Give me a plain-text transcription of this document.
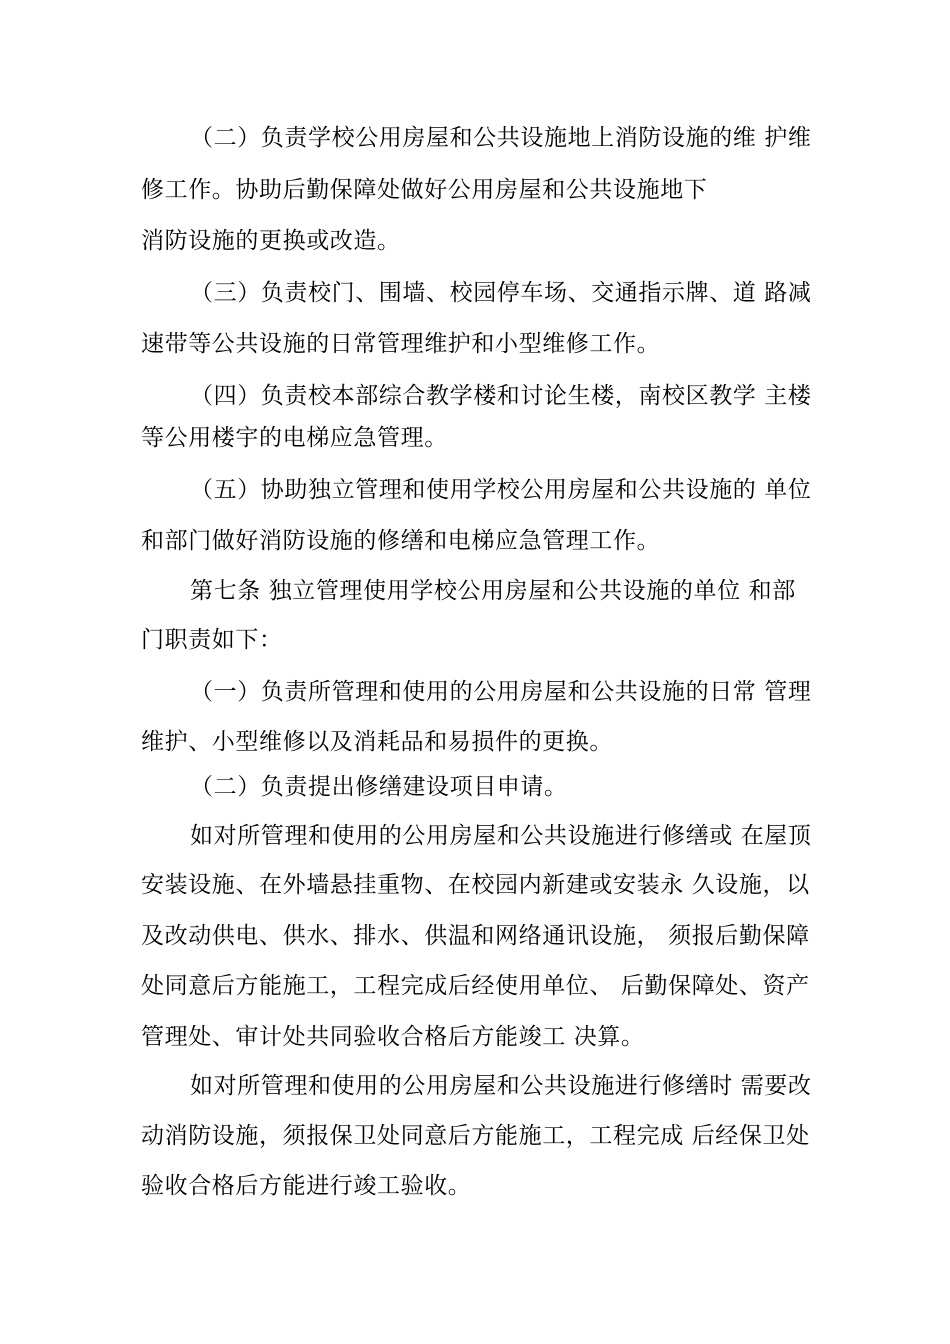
（二）负责学校公用房屋和公共设施地上消防设施的维 护维
修工作。协助后勤保障处做好公用房屋和公共设施地下
消防设施的更换或改造。
（三）负责校门、围墙、校园停车场、交通指示牌、道 路减
速带等公共设施的日常管理维护和小型维修工作。
（四）负责校本部综合教学楼和讨论生楼，南校区教学 主楼
等公用楼宇的电梯应急管理。
（五）协助独立管理和使用学校公用房屋和公共设施的 单位
和部门做好消防设施的修缮和电梯应急管理工作。
第七条 独立管理使用学校公用房屋和公共设施的单位 和部
门职责如下：
（一）负责所管理和使用的公用房屋和公共设施的日常 管理
维护、小型维修以及消耗品和易损件的更换。
（二）负责提出修缮建设项目申请。
如对所管理和使用的公用房屋和公共设施进行修缮或 在屋顶
安装设施、在外墙悬挂重物、在校园内新建或安装永 久设施，以
及改动供电、供水、排水、供温和网络通讯设施， 须报后勤保障
处同意后方能施工，工程完成后经使用单位、 后勤保障处、资产
管理处、审计处共同验收合格后方能竣工 决算。
如对所管理和使用的公用房屋和公共设施进行修缮时 需要改
动消防设施，须报保卫处同意后方能施工，工程完成 后经保卫处
验收合格后方能进行竣工验收。
